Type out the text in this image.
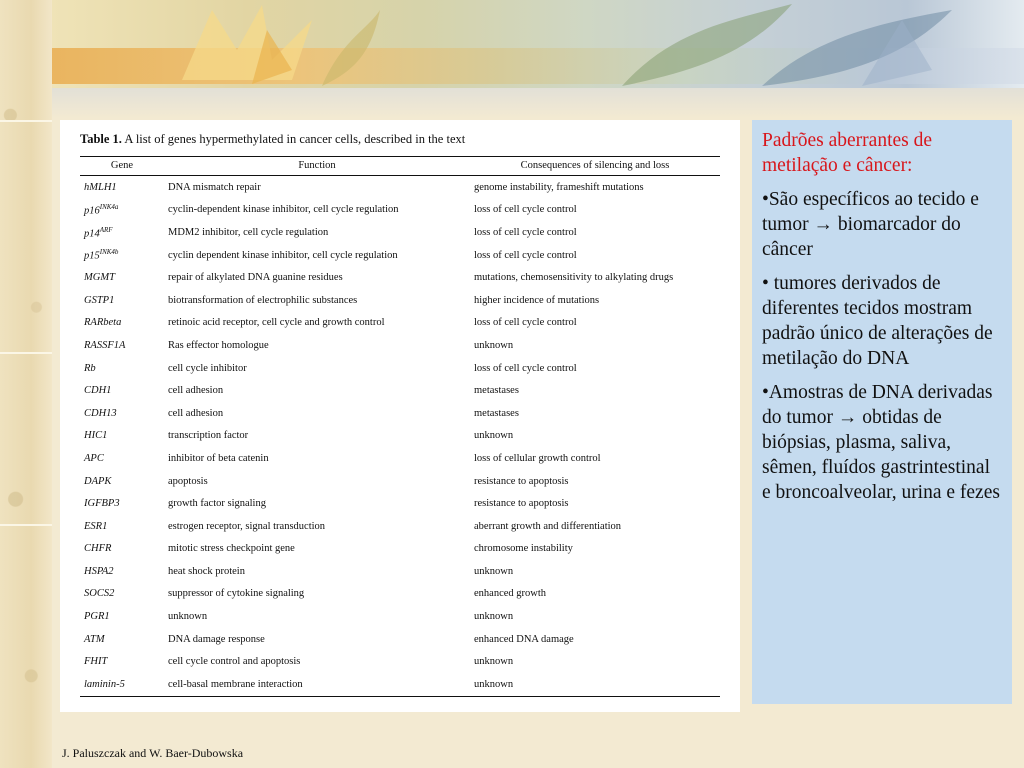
Table 1. A list of genes hypermethylated in cancer cells, described in the text
Gene	Function	Consequences of silencing and loss
hMLH1	DNA mismatch repair	genome instability, frameshift mutations
$p16^{INK4a}$	cyclin-dependent kinase inhibitor, cell cycle regulation	loss of cell cycle control
$p14^{ARF}$	MDM2 inhibitor, cell cycle regulation	loss of cell cycle control
$p15^{INK4b}$	cyclin dependent kinase inhibitor, cell cycle regulation	loss of cell cycle control
MGMT	repair of alkylated DNA guanine residues	mutations, chemosensitivity to alkylating drugs
GSTP1	biotransformation of electrophilic substances	higher incidence of mutations
RARbeta	retinoic acid receptor, cell cycle and growth control	loss of cell cycle control
RASSF1A	Ras effector homologue	unknown
Rb	cell cycle inhibitor	loss of cell cycle control
CDH1	cell adhesion	metastases
CDH13	cell adhesion	metastases
HIC1	transcription factor	unknown
APC	inhibitor of beta catenin	loss of cellular growth control
DAPK	apoptosis	resistance to apoptosis
IGFBP3	growth factor signaling	resistance to apoptosis
ESR1	estrogen receptor, signal transduction	aberrant growth and differentiation
CHFR	mitotic stress checkpoint gene	chromosome instability
HSPA2	heat shock protein	unknown
SOCS2	suppressor of cytokine signaling	enhanced growth
PGR1	unknown	unknown
ATM	DNA damage response	enhanced DNA damage
FHIT	cell cycle control and apoptosis	unknown
laminin-5	cell-basal membrane interaction	unknown

Padrões aberrantes de metilação e câncer:

•São específicos ao tecido e tumor → biomarcador do câncer

• tumores derivados de diferentes tecidos mostram padrão único de alterações de metilação do DNA

•Amostras de DNA derivadas do tumor → obtidas de biópsias, plasma, saliva, sêmen, fluídos gastrintestinal e broncoalveolar, urina e fezes

J. Paluszczak and W. Baer-Dubowska
